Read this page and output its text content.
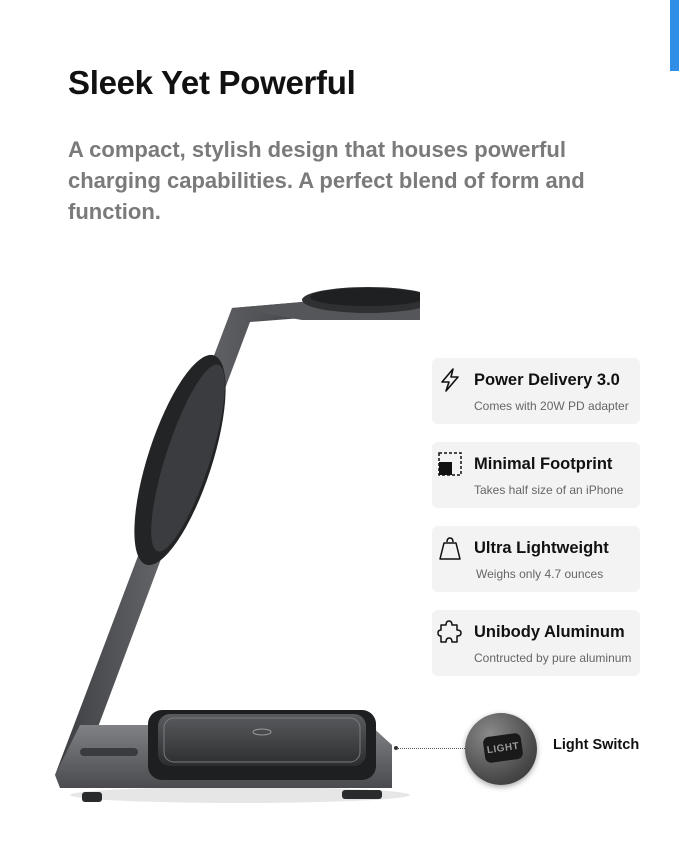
Sleek Yet Powerful

A compact, stylish design that houses powerful charging capabilities. A perfect blend of form and function.

Power Delivery 3.0
Comes with 20W PD adapter
Minimal Footprint
Takes half size of an iPhone
Ultra Lightweight
Weighs only 4.7 ounces
Unibody Aluminum
Contructed by pure aluminum
LIGHT Light Switch
